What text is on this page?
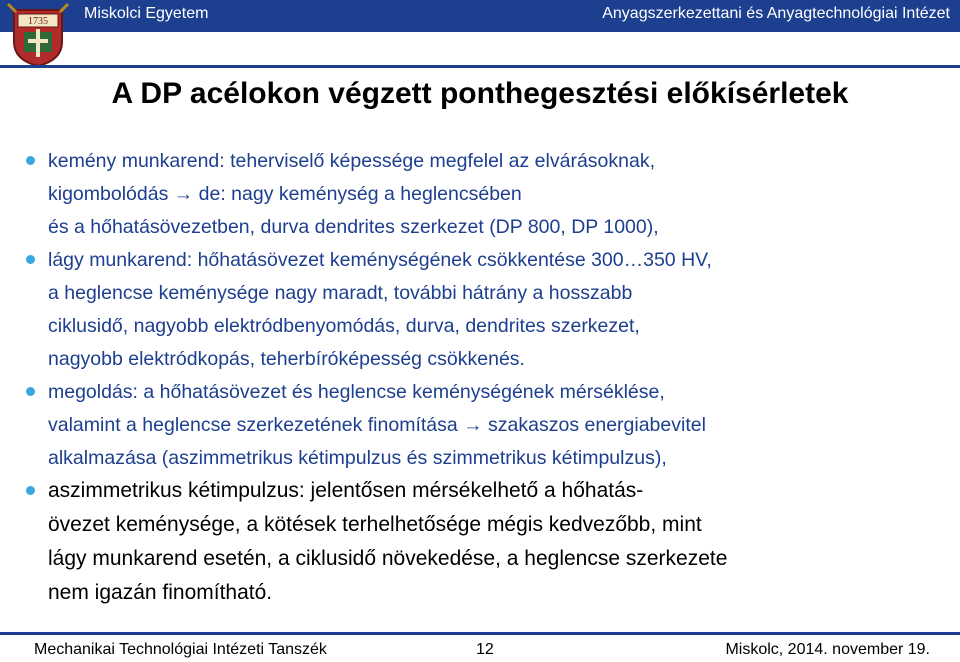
Miskolci Egyetem	Anyagszerkezettani és Anyagtechnológiai Intézet
1735
A DP acélokon végzett ponthegesztési előkísérletek
kemény munkarend: teherviselő képessége megfelel az elvárásoknak,
kigombolódás → de: nagy keménység a heglencsében
és a hőhatásövezetben, durva dendrites szerkezet (DP 800, DP 1000),
lágy munkarend: hőhatásövezet keménységének csökkentése 300…350 HV,
a heglencse keménysége nagy maradt, további hátrány a hosszabb
ciklusidő, nagyobb elektródbenyomódás, durva, dendrites szerkezet,
nagyobb elektródkopás, teherbíróképesség csökkenés.
megoldás: a hőhatásövezet és heglencse keménységének mérséklése,
valamint a heglencse szerkezetének finomítása → szakaszos energiabevitel
alkalmazása (aszimmetrikus kétimpulzus és szimmetrikus kétimpulzus),
aszimmetrikus kétimpulzus: jelentősen mérsékelhető a hőhatás-
övezet keménysége, a kötések terhelhetősége mégis kedvezőbb, mint
lágy munkarend esetén, a ciklusidő növekedése, a heglencse szerkezete
nem igazán finomítható.
Mechanikai Technológiai Intézeti Tanszék	12	Miskolc, 2014. november 19.
